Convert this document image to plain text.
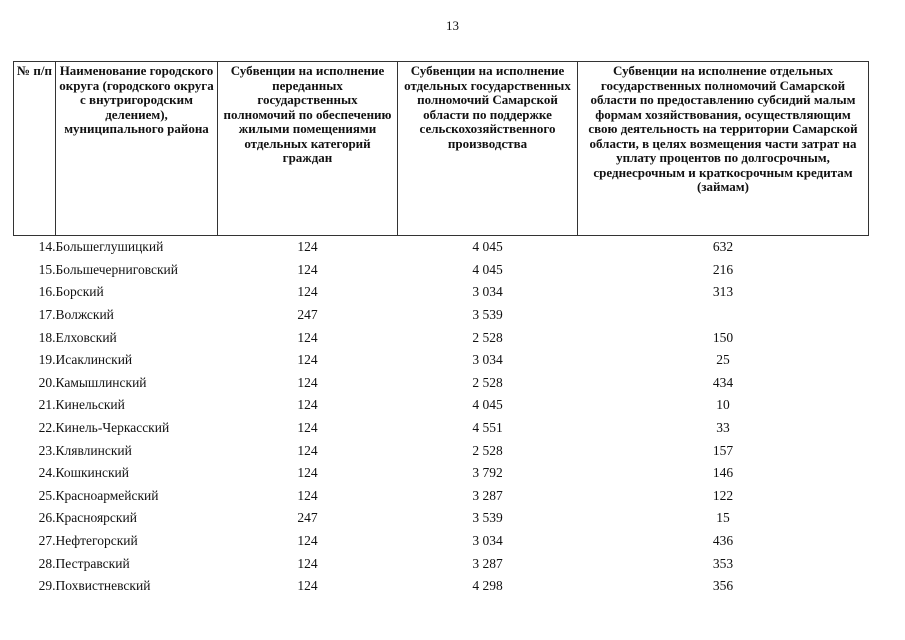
13
№ п/п	Наименование городского округа (городского округа с внутригородским делением), муниципального района	Субвенции на исполнение переданных государственных полномочий по обеспечению жилыми помещениями отдельных категорий граждан	Субвенции на исполнение отдельных государственных полномочий Самарской области по поддержке сельскохозяйственного производства	Субвенции на исполнение отдельных государственных полномочий Самарской области по предоставлению субсидий малым формам хозяйствования, осуществляющим свою деятельность на территории Самарской области, в целях возмещения части затрат на уплату процентов по долгосрочным, среднесрочным и краткосрочным кредитам (займам)
14.	Большеглушицкий	124	4 045	632
15.	Большечерниговский	124	4 045	216
16.	Борский	124	3 034	313
17.	Волжский	247	3 539	
18.	Елховский	124	2 528	150
19.	Исаклинский	124	3 034	25
20.	Камышлинский	124	2 528	434
21.	Кинельский	124	4 045	10
22.	Кинель-Черкасский	124	4 551	33
23.	Клявлинский	124	2 528	157
24.	Кошкинский	124	3 792	146
25.	Красноармейский	124	3 287	122
26.	Красноярский	247	3 539	15
27.	Нефтегорский	124	3 034	436
28.	Пестравский	124	3 287	353
29.	Похвистневский	124	4 298	356
